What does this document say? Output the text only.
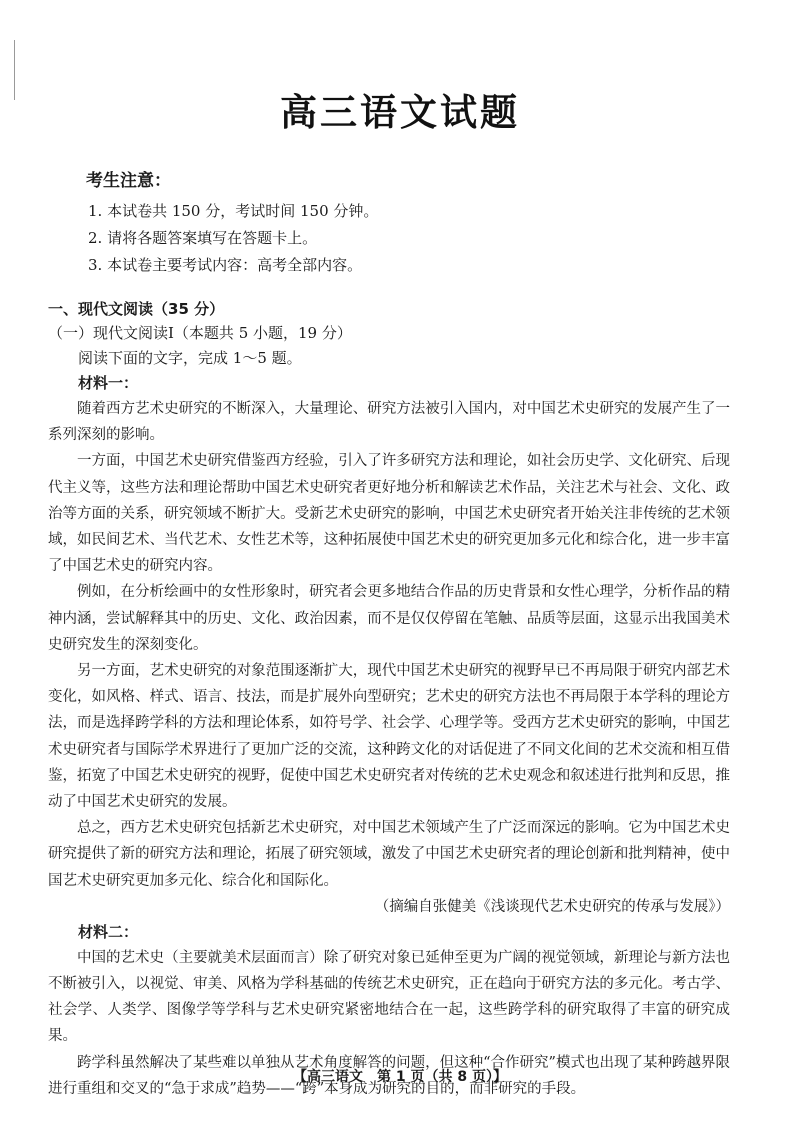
高三语文试题
考生注意：
1. 本试卷共 150 分，考试时间 150 分钟。
2. 请将各题答案填写在答题卡上。
3. 本试卷主要考试内容：高考全部内容。
一、现代文阅读（35 分）
（一）现代文阅读Ⅰ（本题共 5 小题，19 分）
阅读下面的文字，完成 1～5 题。
材料一：

随着西方艺术史研究的不断深入，大量理论、研究方法被引入国内，对中国艺术史研究的发展产生了一系列深刻的影响。

一方面，中国艺术史研究借鉴西方经验，引入了许多研究方法和理论，如社会历史学、文化研究、后现代主义等，这些方法和理论帮助中国艺术史研究者更好地分析和解读艺术作品，关注艺术与社会、文化、政治等方面的关系，研究领域不断扩大。受新艺术史研究的影响，中国艺术史研究者开始关注非传统的艺术领域，如民间艺术、当代艺术、女性艺术等，这种拓展使中国艺术史的研究更加多元化和综合化，进一步丰富了中国艺术史的研究内容。

例如，在分析绘画中的女性形象时，研究者会更多地结合作品的历史背景和女性心理学，分析作品的精神内涵，尝试解释其中的历史、文化、政治因素，而不是仅仅停留在笔触、品质等层面，这显示出我国美术史研究发生的深刻变化。

另一方面，艺术史研究的对象范围逐渐扩大，现代中国艺术史研究的视野早已不再局限于研究内部艺术变化，如风格、样式、语言、技法，而是扩展外向型研究；艺术史的研究方法也不再局限于本学科的理论方法，而是选择跨学科的方法和理论体系，如符号学、社会学、心理学等。受西方艺术史研究的影响，中国艺术史研究者与国际学术界进行了更加广泛的交流，这种跨文化的对话促进了不同文化间的艺术交流和相互借鉴，拓宽了中国艺术史研究的视野，促使中国艺术史研究者对传统的艺术史观念和叙述进行批判和反思，推动了中国艺术史研究的发展。

总之，西方艺术史研究包括新艺术史研究，对中国艺术领域产生了广泛而深远的影响。它为中国艺术史研究提供了新的研究方法和理论，拓展了研究领域，激发了中国艺术史研究者的理论创新和批判精神，使中国艺术史研究更加多元化、综合化和国际化。

（摘编自张健美《浅谈现代艺术史研究的传承与发展》）
材料二：

中国的艺术史（主要就美术层面而言）除了研究对象已延伸至更为广阔的视觉领域，新理论与新方法也不断被引入，以视觉、审美、风格为学科基础的传统艺术史研究，正在趋向于研究方法的多元化。考古学、社会学、人类学、图像学等学科与艺术史研究紧密地结合在一起，这些跨学科的研究取得了丰富的研究成果。

跨学科虽然解决了某些难以单独从艺术角度解答的问题，但这种“合作研究”模式也出现了某种跨越界限进行重组和交叉的“急于求成”趋势——“跨”本身成为研究的目的，而非研究的手段。

【高三语文　第 1 页（共 8 页）】
